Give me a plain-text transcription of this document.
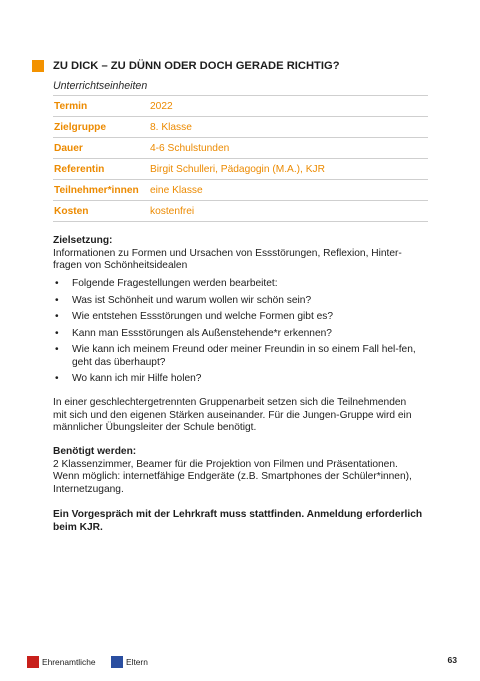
ZU DICK – ZU DÜNN ODER DOCH GERADE RICHTIG?
Unterrichtseinheiten
Termin	2022
Zielgruppe	8. Klasse
Dauer	4-6 Schulstunden
Referentin	Birgit Schulleri, Pädagogin (M.A.), KJR
Teilnehmer*innen	eine Klasse
Kosten	kostenfrei
Zielsetzung:
Informationen zu Formen und Ursachen von Essstörungen, Reflexion, Hinter-
fragen von Schönheitsidealen
• Folgende Fragestellungen werden bearbeitet:
• Was ist Schönheit und warum wollen wir schön sein?
• Wie entstehen Essstörungen und welche Formen gibt es?
• Kann man Essstörungen als Außenstehende*r erkennen?
• Wie kann ich meinem Freund oder meiner Freundin in so einem Fall hel-fen, geht das überhaupt?
• Wo kann ich mir Hilfe holen?
In einer geschlechtergetrennten Gruppenarbeit setzen sich die Teilnehmenden
mit sich und den eigenen Stärken auseinander. Für die Jungen-Gruppe wird ein
männlicher Übungsleiter der Schule benötigt.
Benötigt werden:
2 Klassenzimmer, Beamer für die Projektion von Filmen und Präsentationen.
Wenn möglich: internetfähige Endgeräte (z.B. Smartphones der Schüler*innen),
Internetzugang.
Ein Vorgespräch mit der Lehrkraft muss stattfinden. Anmeldung erforderlich
beim KJR.
Ehrenamtliche	Eltern	63
